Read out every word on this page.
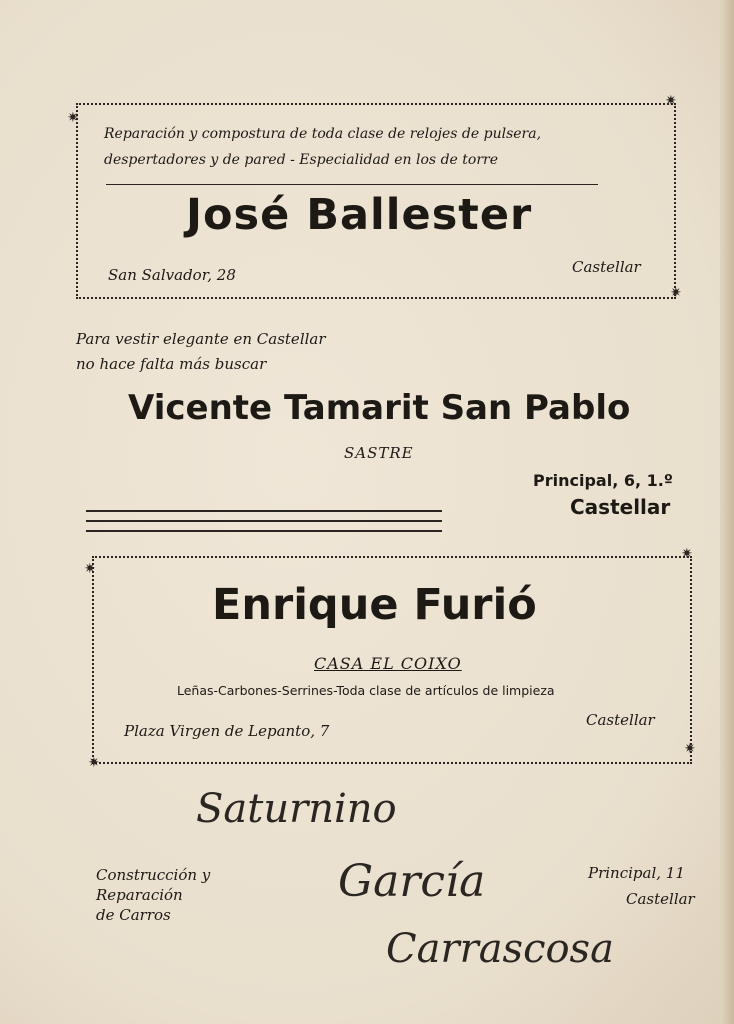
✷
✷
✷
Reparación y compostura de toda clase de relojes de pulsera,
despertadores y de pared - Especialidad en los de torre
José Ballester
San Salvador, 28	Castellar
Para vestir elegante en Castellar
no hace falta más buscar
Vicente Tamarit San Pablo
SASTRE
Principal, 6, 1.º
Castellar
✷
✷
✷
✷
Enrique Furió
CASA EL COIXO
Leñas-Carbones-Serrines-Toda clase de artículos de limpieza
Plaza Virgen de Lepanto, 7
Castellar
Saturnino
García
Carrascosa
Construcción y
Reparación
de Carros
Principal, 11
Castellar
